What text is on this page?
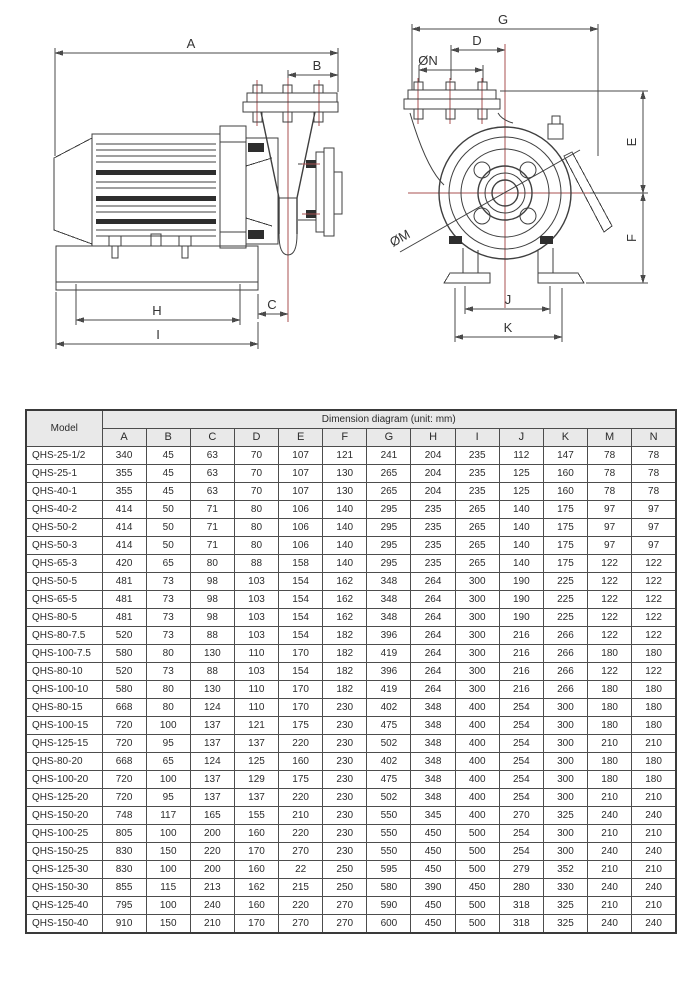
A
B
H	C
I
G
D
ØN
ØM
E
F
J
K
Model	Dimension diagram (unit: mm)												
	A	B	C	D	E	F	G	H	I	J	K	M	N
QHS-25-1/2	340	45	63	70	107	121	241	204	235	112	147	78	78
QHS-25-1	355	45	63	70	107	130	265	204	235	125	160	78	78
QHS-40-1	355	45	63	70	107	130	265	204	235	125	160	78	78
QHS-40-2	414	50	71	80	106	140	295	235	265	140	175	97	97
QHS-50-2	414	50	71	80	106	140	295	235	265	140	175	97	97
QHS-50-3	414	50	71	80	106	140	295	235	265	140	175	97	97
QHS-65-3	420	65	80	88	158	140	295	235	265	140	175	122	122
QHS-50-5	481	73	98	103	154	162	348	264	300	190	225	122	122
QHS-65-5	481	73	98	103	154	162	348	264	300	190	225	122	122
QHS-80-5	481	73	98	103	154	162	348	264	300	190	225	122	122
QHS-80-7.5	520	73	88	103	154	182	396	264	300	216	266	122	122
QHS-100-7.5	580	80	130	110	170	182	419	264	300	216	266	180	180
QHS-80-10	520	73	88	103	154	182	396	264	300	216	266	122	122
QHS-100-10	580	80	130	110	170	182	419	264	300	216	266	180	180
QHS-80-15	668	80	124	110	170	230	402	348	400	254	300	180	180
QHS-100-15	720	100	137	121	175	230	475	348	400	254	300	180	180
QHS-125-15	720	95	137	137	220	230	502	348	400	254	300	210	210
QHS-80-20	668	65	124	125	160	230	402	348	400	254	300	180	180
QHS-100-20	720	100	137	129	175	230	475	348	400	254	300	180	180
QHS-125-20	720	95	137	137	220	230	502	348	400	254	300	210	210
QHS-150-20	748	117	165	155	210	230	550	345	400	270	325	240	240
QHS-100-25	805	100	200	160	220	230	550	450	500	254	300	210	210
QHS-150-25	830	150	220	170	270	230	550	450	500	254	300	240	240
QHS-125-30	830	100	200	160	22	250	595	450	500	279	352	210	210
QHS-150-30	855	115	213	162	215	250	580	390	450	280	330	240	240
QHS-125-40	795	100	240	160	220	270	590	450	500	318	325	210	210
QHS-150-40	910	150	210	170	270	270	600	450	500	318	325	240	240
